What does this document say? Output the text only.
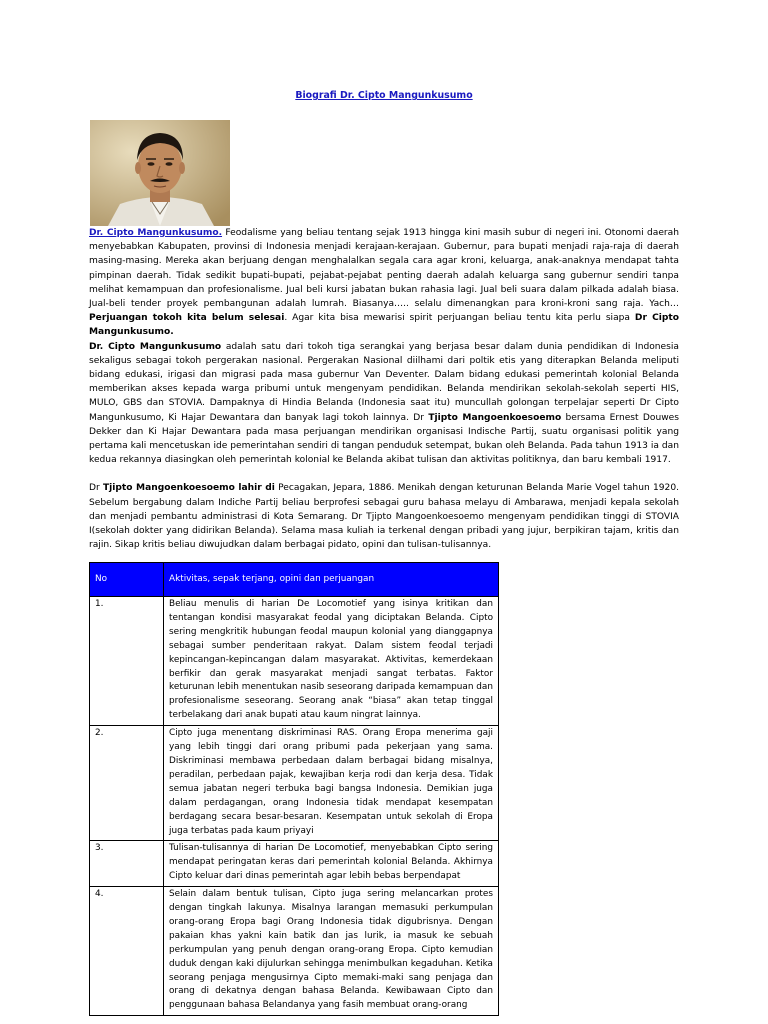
Biografi Dr. Cipto Mangunkusumo

Dr. Cipto Mangunkusumo. Feodalisme yang beliau tentang sejak 1913 hingga kini masih subur di negeri ini. Otonomi daerah menyebabkan Kabupaten, provinsi di Indonesia menjadi kerajaan-kerajaan. Gubernur, para bupati menjadi raja-raja di daerah masing-masing. Mereka akan berjuang dengan menghalalkan segala cara agar kroni, keluarga, anak-anaknya mendapat tahta pimpinan daerah. Tidak sedikit bupati-bupati, pejabat-pejabat penting daerah adalah keluarga sang gubernur sendiri tanpa melihat kemampuan dan profesionalisme. Jual beli kursi jabatan bukan rahasia lagi. Jual beli suara dalam pilkada adalah biasa. Jual-beli tender proyek pembangunan adalah lumrah. Biasanya….. selalu dimenangkan para kroni-kroni sang raja. Yach…Perjuangan tokoh kita belum selesai. Agar kita bisa mewarisi spirit perjuangan beliau tentu kita perlu siapa Dr Cipto Mangunkusumo.

Dr. Cipto Mangunkusumo adalah satu dari tokoh tiga serangkai yang berjasa besar dalam dunia pendidikan di Indonesia sekaligus sebagai tokoh pergerakan nasional. Pergerakan Nasional diilhami dari poltik etis yang diterapkan Belanda meliputi bidang edukasi, irigasi dan migrasi pada masa gubernur Van Deventer. Dalam bidang edukasi pemerintah kolonial Belanda memberikan akses kepada warga pribumi untuk mengenyam pendidikan. Belanda mendirikan sekolah-sekolah seperti HIS, MULO, GBS dan STOVIA. Dampaknya di Hindia Belanda (Indonesia saat itu) muncullah golongan terpelajar seperti Dr Cipto Mangunkusumo, Ki Hajar Dewantara dan banyak lagi tokoh lainnya. Dr Tjipto Mangoenkoesoemo bersama Ernest Douwes Dekker dan Ki Hajar Dewantara pada masa perjuangan mendirikan organisasi Indische Partij, suatu organisasi politik yang pertama kali mencetuskan ide pemerintahan sendiri di tangan penduduk setempat, bukan oleh Belanda. Pada tahun 1913 ia dan kedua rekannya diasingkan oleh pemerintah kolonial ke Belanda akibat tulisan dan aktivitas politiknya, dan baru kembali 1917.

Dr Tjipto Mangoenkoesoemo lahir di Pecagakan, Jepara, 1886. Menikah dengan keturunan Belanda Marie Vogel tahun 1920. Sebelum bergabung dalam Indiche Partij beliau berprofesi sebagai guru bahasa melayu di Ambarawa, menjadi kepala sekolah dan menjadi pembantu administrasi di Kota Semarang. Dr Tjipto Mangoenkoesoemo mengenyam pendidikan tinggi di STOVIA I(sekolah dokter yang didirikan Belanda). Selama masa kuliah ia terkenal dengan pribadi yang jujur, berpikiran tajam, kritis dan rajin. Sikap kritis beliau diwujudkan dalam berbagai pidato, opini dan tulisan-tulisannya.

No	Aktivitas, sepak terjang, opini dan perjuangan
1.	Beliau menulis di harian De Locomotief yang isinya kritikan dan tentangan kondisi masyarakat feodal yang diciptakan Belanda. Cipto sering mengkritik hubungan feodal maupun kolonial yang dianggapnya sebagai sumber penderitaan rakyat. Dalam sistem feodal terjadi kepincangan-kepincangan dalam masyarakat. Aktivitas, kemerdekaan berfikir dan gerak masyarakat menjadi sangat terbatas. Faktor keturunan lebih menentukan nasib seseorang daripada kemampuan dan profesionalisme seseorang. Seorang anak “biasa” akan tetap tinggal terbelakang dari anak bupati atau kaum ningrat lainnya.
2.	Cipto juga menentang diskriminasi RAS. Orang Eropa menerima gaji yang lebih tinggi dari orang pribumi pada pekerjaan yang sama. Diskriminasi membawa perbedaan dalam berbagai bidang misalnya, peradilan, perbedaan pajak, kewajiban kerja rodi dan kerja desa. Tidak semua jabatan negeri terbuka bagi bangsa Indonesia. Demikian juga dalam perdagangan, orang Indonesia tidak mendapat kesempatan berdagang secara besar-besaran. Kesempatan untuk sekolah di Eropa juga terbatas pada kaum priyayi
3.	Tulisan-tulisannya di harian De Locomotief, menyebabkan Cipto sering mendapat peringatan keras dari pemerintah kolonial Belanda. Akhirnya Cipto keluar dari dinas pemerintah agar lebih bebas berpendapat
4.	Selain dalam bentuk tulisan, Cipto juga sering melancarkan protes dengan tingkah lakunya. Misalnya larangan memasuki perkumpulan orang-orang Eropa bagi Orang Indonesia tidak digubrisnya. Dengan pakaian khas yakni kain batik dan jas lurik, ia masuk ke sebuah perkumpulan yang penuh dengan orang-orang Eropa. Cipto kemudian duduk dengan kaki dijulurkan sehingga menimbulkan kegaduhan. Ketika seorang penjaga mengusirnya Cipto memaki-maki sang penjaga dan orang di dekatnya dengan bahasa Belanda. Kewibawaan Cipto dan penggunaan bahasa Belandanya yang fasih membuat orang-orang
